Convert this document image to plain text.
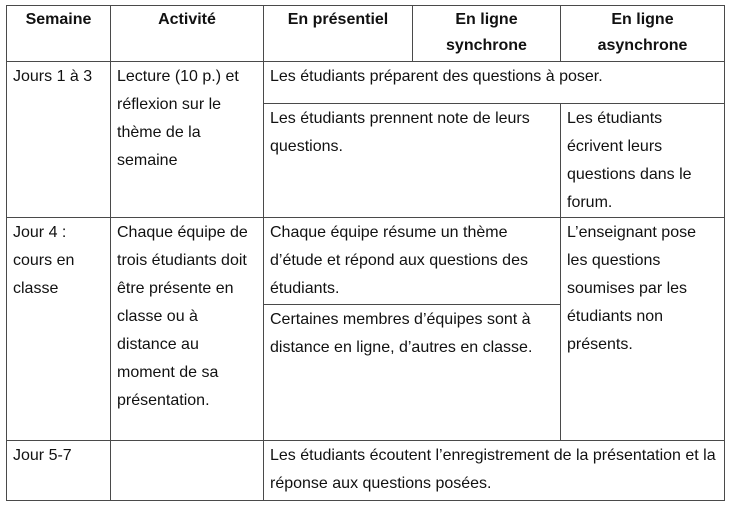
Semaine	Activité	En présentiel	En ligne synchrone	En ligne asynchrone
Jours 1 à 3	Lecture (10 p.) et réflexion sur le thème de la semaine	Les étudiants préparent des questions à poser.		
		Les étudiants prennent note de leurs questions.		Les étudiants écrivent leurs questions dans le forum.
Jour 4 : cours en classe	Chaque équipe de trois étudiants doit être présente en classe ou à distance au moment de sa présentation.	Chaque équipe résume un thème d’étude et répond aux questions des étudiants.		L’enseignant pose les questions soumises par les étudiants non présents.
		Certaines membres d’équipes sont à distance en ligne, d’autres en classe.		
Jour 5-7		Les étudiants écoutent l’enregistrement de la présentation et la réponse aux questions posées.		
